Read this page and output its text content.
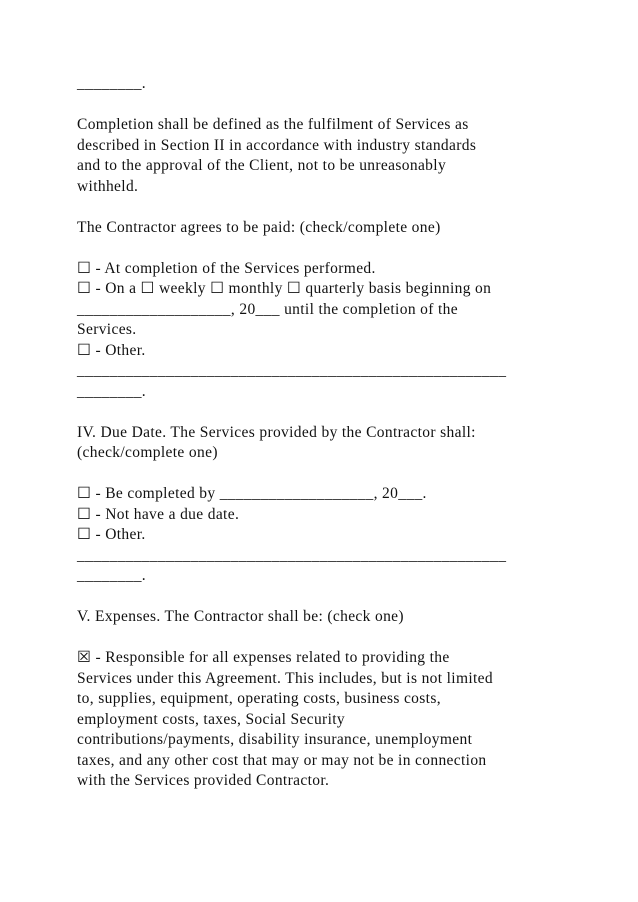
________.
Completion shall be defined as the fulfilment of Services as
described in Section II in accordance with industry standards
and to the approval of the Client, not to be unreasonably
withheld.
The Contractor agrees to be paid: (check/complete one)
☐ - At completion of the Services performed.
☐ - On a ☐ weekly ☐ monthly ☐ quarterly basis beginning on
___________________, 20___ until the completion of the
Services.
☐ - Other.
_____________________________________________________
________.
IV. Due Date. The Services provided by the Contractor shall:
(check/complete one)
☐ - Be completed by ___________________, 20___.
☐ - Not have a due date.
☐ - Other.
_____________________________________________________
________.
V. Expenses. The Contractor shall be: (check one)
☒ - Responsible for all expenses related to providing the
Services under this Agreement. This includes, but is not limited
to, supplies, equipment, operating costs, business costs,
employment costs, taxes, Social Security
contributions/payments, disability insurance, unemployment
taxes, and any other cost that may or may not be in connection
with the Services provided Contractor.
